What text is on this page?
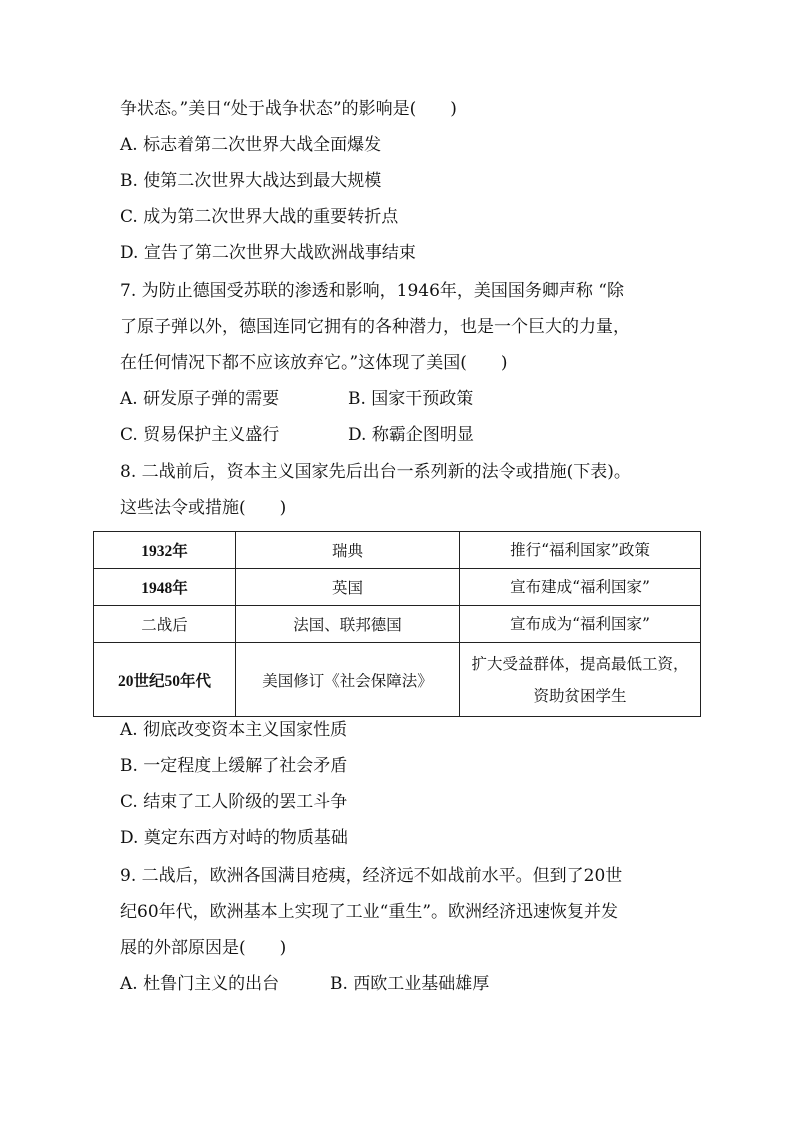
争状态。”美日“处于战争状态”的影响是(　　)
A. 标志着第二次世界大战全面爆发
B. 使第二次世界大战达到最大规模
C. 成为第二次世界大战的重要转折点
D. 宣告了第二次世界大战欧洲战事结束
7. 为防止德国受苏联的渗透和影响，1946年，美国国务卿声称 “除
了原子弹以外，德国连同它拥有的各种潜力，也是一个巨大的力量，
在任何情况下都不应该放弃它。”这体现了美国(　　)
A. 研发原子弹的需要	B. 国家干预政策
C. 贸易保护主义盛行	D. 称霸企图明显
8. 二战前后，资本主义国家先后出台一系列新的法令或措施(下表)。
这些法令或措施(　　)
1932年	瑞典	推行“福利国家”政策
1948年	英国	宣布建成“福利国家”
二战后	法国、联邦德国	宣布成为“福利国家”
20世纪50年代	美国修订《社会保障法》	扩大受益群体，提高最低工资，资助贫困学生
A. 彻底改变资本主义国家性质
B. 一定程度上缓解了社会矛盾
C. 结束了工人阶级的罢工斗争
D. 奠定东西方对峙的物质基础
9. 二战后，欧洲各国满目疮痍，经济远不如战前水平。但到了20世
纪60年代，欧洲基本上实现了工业“重生”。欧洲经济迅速恢复并发
展的外部原因是(　　)
A. 杜鲁门主义的出台	B. 西欧工业基础雄厚
